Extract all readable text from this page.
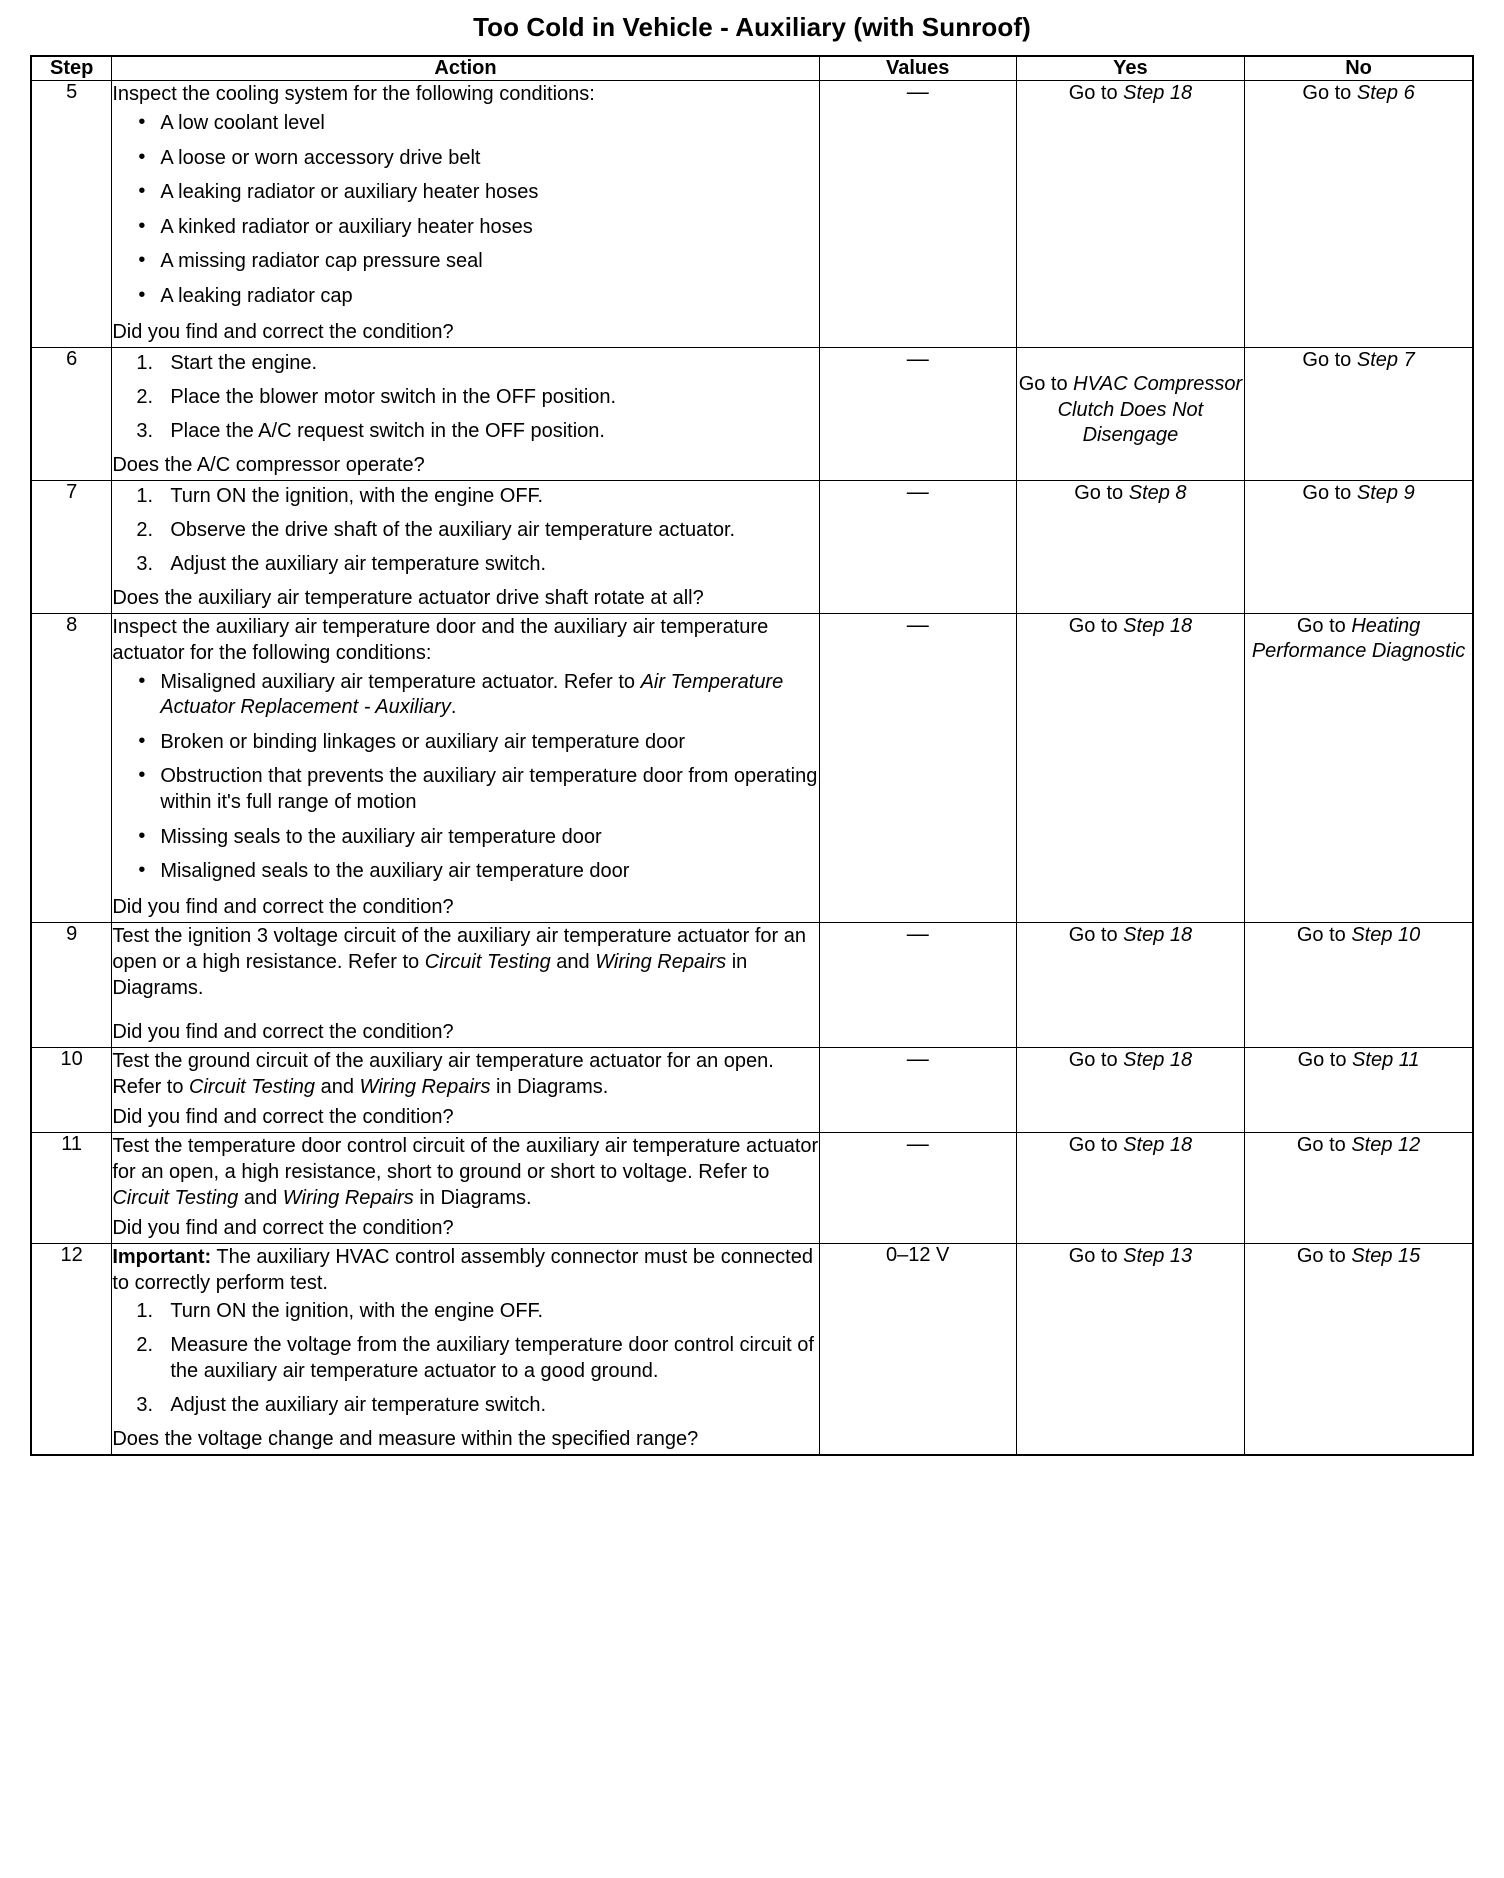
Too Cold in Vehicle - Auxiliary (with Sunroof)
Step	Action	Values	Yes	No
5	Inspect the cooling system for the following conditions:

• A low coolant level
• A loose or worn accessory drive belt
• A leaking radiator or auxiliary heater hoses
• A kinked radiator or auxiliary heater hoses
• A missing radiator cap pressure seal
• A leaking radiator cap

Did you find and correct the condition?

	—	Go to Step 18	Go to Step 6
6	Start the engine.
Place the blower motor switch in the OFF position.
Place the A/C request switch in the OFF position.

Does the A/C compressor operate?

	—	Go to HVAC Compressor Clutch Does Not Disengage	Go to Step 7
7	Turn ON the ignition, with the engine OFF.
Observe the drive shaft of the auxiliary air temperature actuator.
Adjust the auxiliary air temperature switch.

Does the auxiliary air temperature actuator drive shaft rotate at all?

	—	Go to Step 8	Go to Step 9
8	Inspect the auxiliary air temperature door and the auxiliary air temperature actuator for the following conditions:

• Misaligned auxiliary air temperature actuator. Refer to Air Temperature Actuator Replacement - Auxiliary.
• Broken or binding linkages or auxiliary air temperature door
• Obstruction that prevents the auxiliary air temperature door from operating within it's full range of motion
• Missing seals to the auxiliary air temperature door
• Misaligned seals to the auxiliary air temperature door

Did you find and correct the condition?

	—	Go to Step 18	Go to Heating Performance Diagnostic
9	Test the ignition 3 voltage circuit of the auxiliary air temperature actuator for an open or a high resistance. Refer to Circuit Testing and Wiring Repairs in Diagrams.

Did you find and correct the condition?	—	Go to Step 18	Go to Step 10
10	Test the ground circuit of the auxiliary air temperature actuator for an open. Refer to Circuit Testing and Wiring Repairs in Diagrams.

Did you find and correct the condition?	—	Go to Step 18	Go to Step 11
11	Test the temperature door control circuit of the auxiliary air temperature actuator for an open, a high resistance, short to ground or short to voltage. Refer to Circuit Testing and Wiring Repairs in Diagrams.

Did you find and correct the condition?	—	Go to Step 18	Go to Step 12
12	Important: The auxiliary HVAC control assembly connector must be connected to correctly perform test.

Turn ON the ignition, with the engine OFF.
Measure the voltage from the auxiliary temperature door control circuit of the auxiliary air temperature actuator to a good ground.
Adjust the auxiliary air temperature switch.

Does the voltage change and measure within the specified range?

	0–12 V	Go to Step 13	Go to Step 15
